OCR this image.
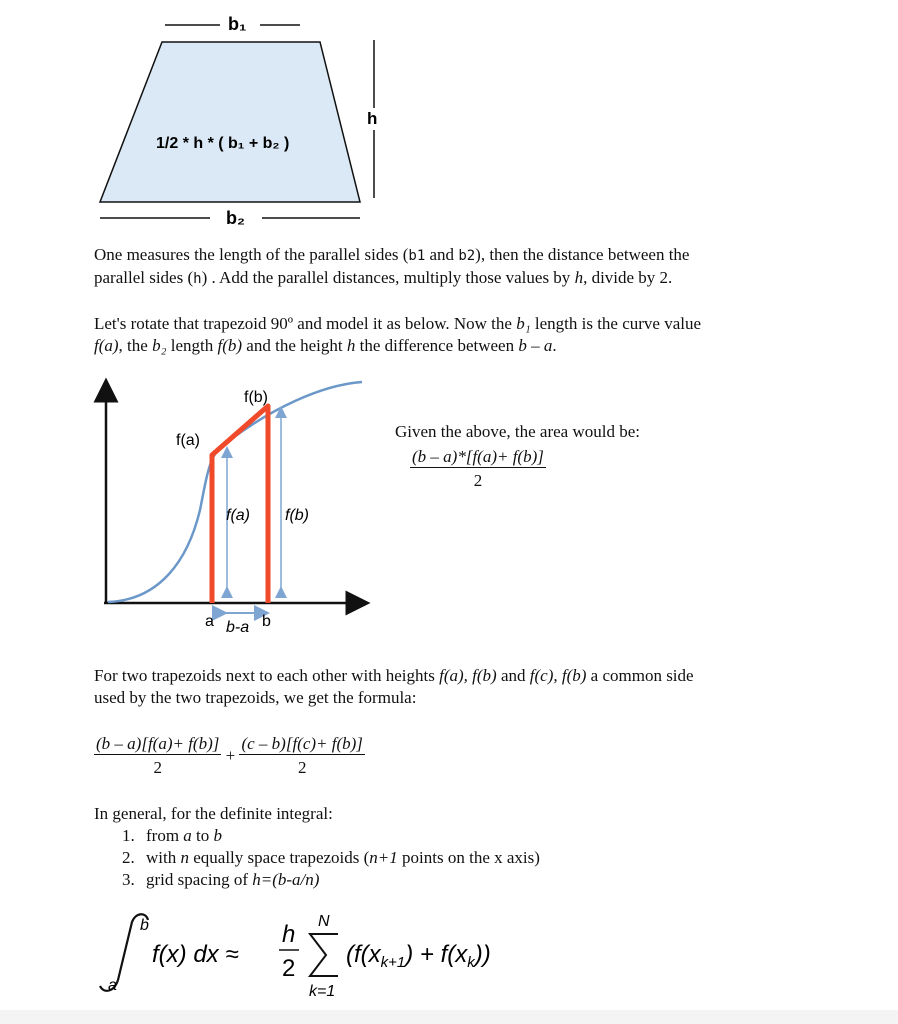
b₁
h
1/2 * h * ( b₁ + b₂ )
b₂
One measures the length of the parallel sides (b1 and b2), then the distance between the
parallel sides (h) . Add the parallel distances, multiply those values by h, divide by 2.
Let's rotate that trapezoid 90º and model it as below. Now the b₁ length is the curve value
f(a), the b₂ length f(b) and the height h the difference between b – a.
f(b)
f(a)
f(a) f(b)
a	b
b-a
Given the above, the area would be:
$\frac{(b - a)*[f(a)+ f(b)]}{2}$
For two trapezoids next to each other with heights f(a), f(b) and f(c), f(b) a common side
used by the two trapezoids, we get the formula:
$\frac{(b - a)[f(a)+ f(b)]}{2} + \frac{(c - b)[f(c)+ f(b)]}{2}$
In general, for the definite integral:
1. from a to b
2. with n equally space trapezoids (n+1 points on the x axis)
3. grid spacing of h=(b-a/n)
b
a
f(x) dx ≈
h
2
N
k=1
$(f(x_{k+1}) + f(x_k))$
